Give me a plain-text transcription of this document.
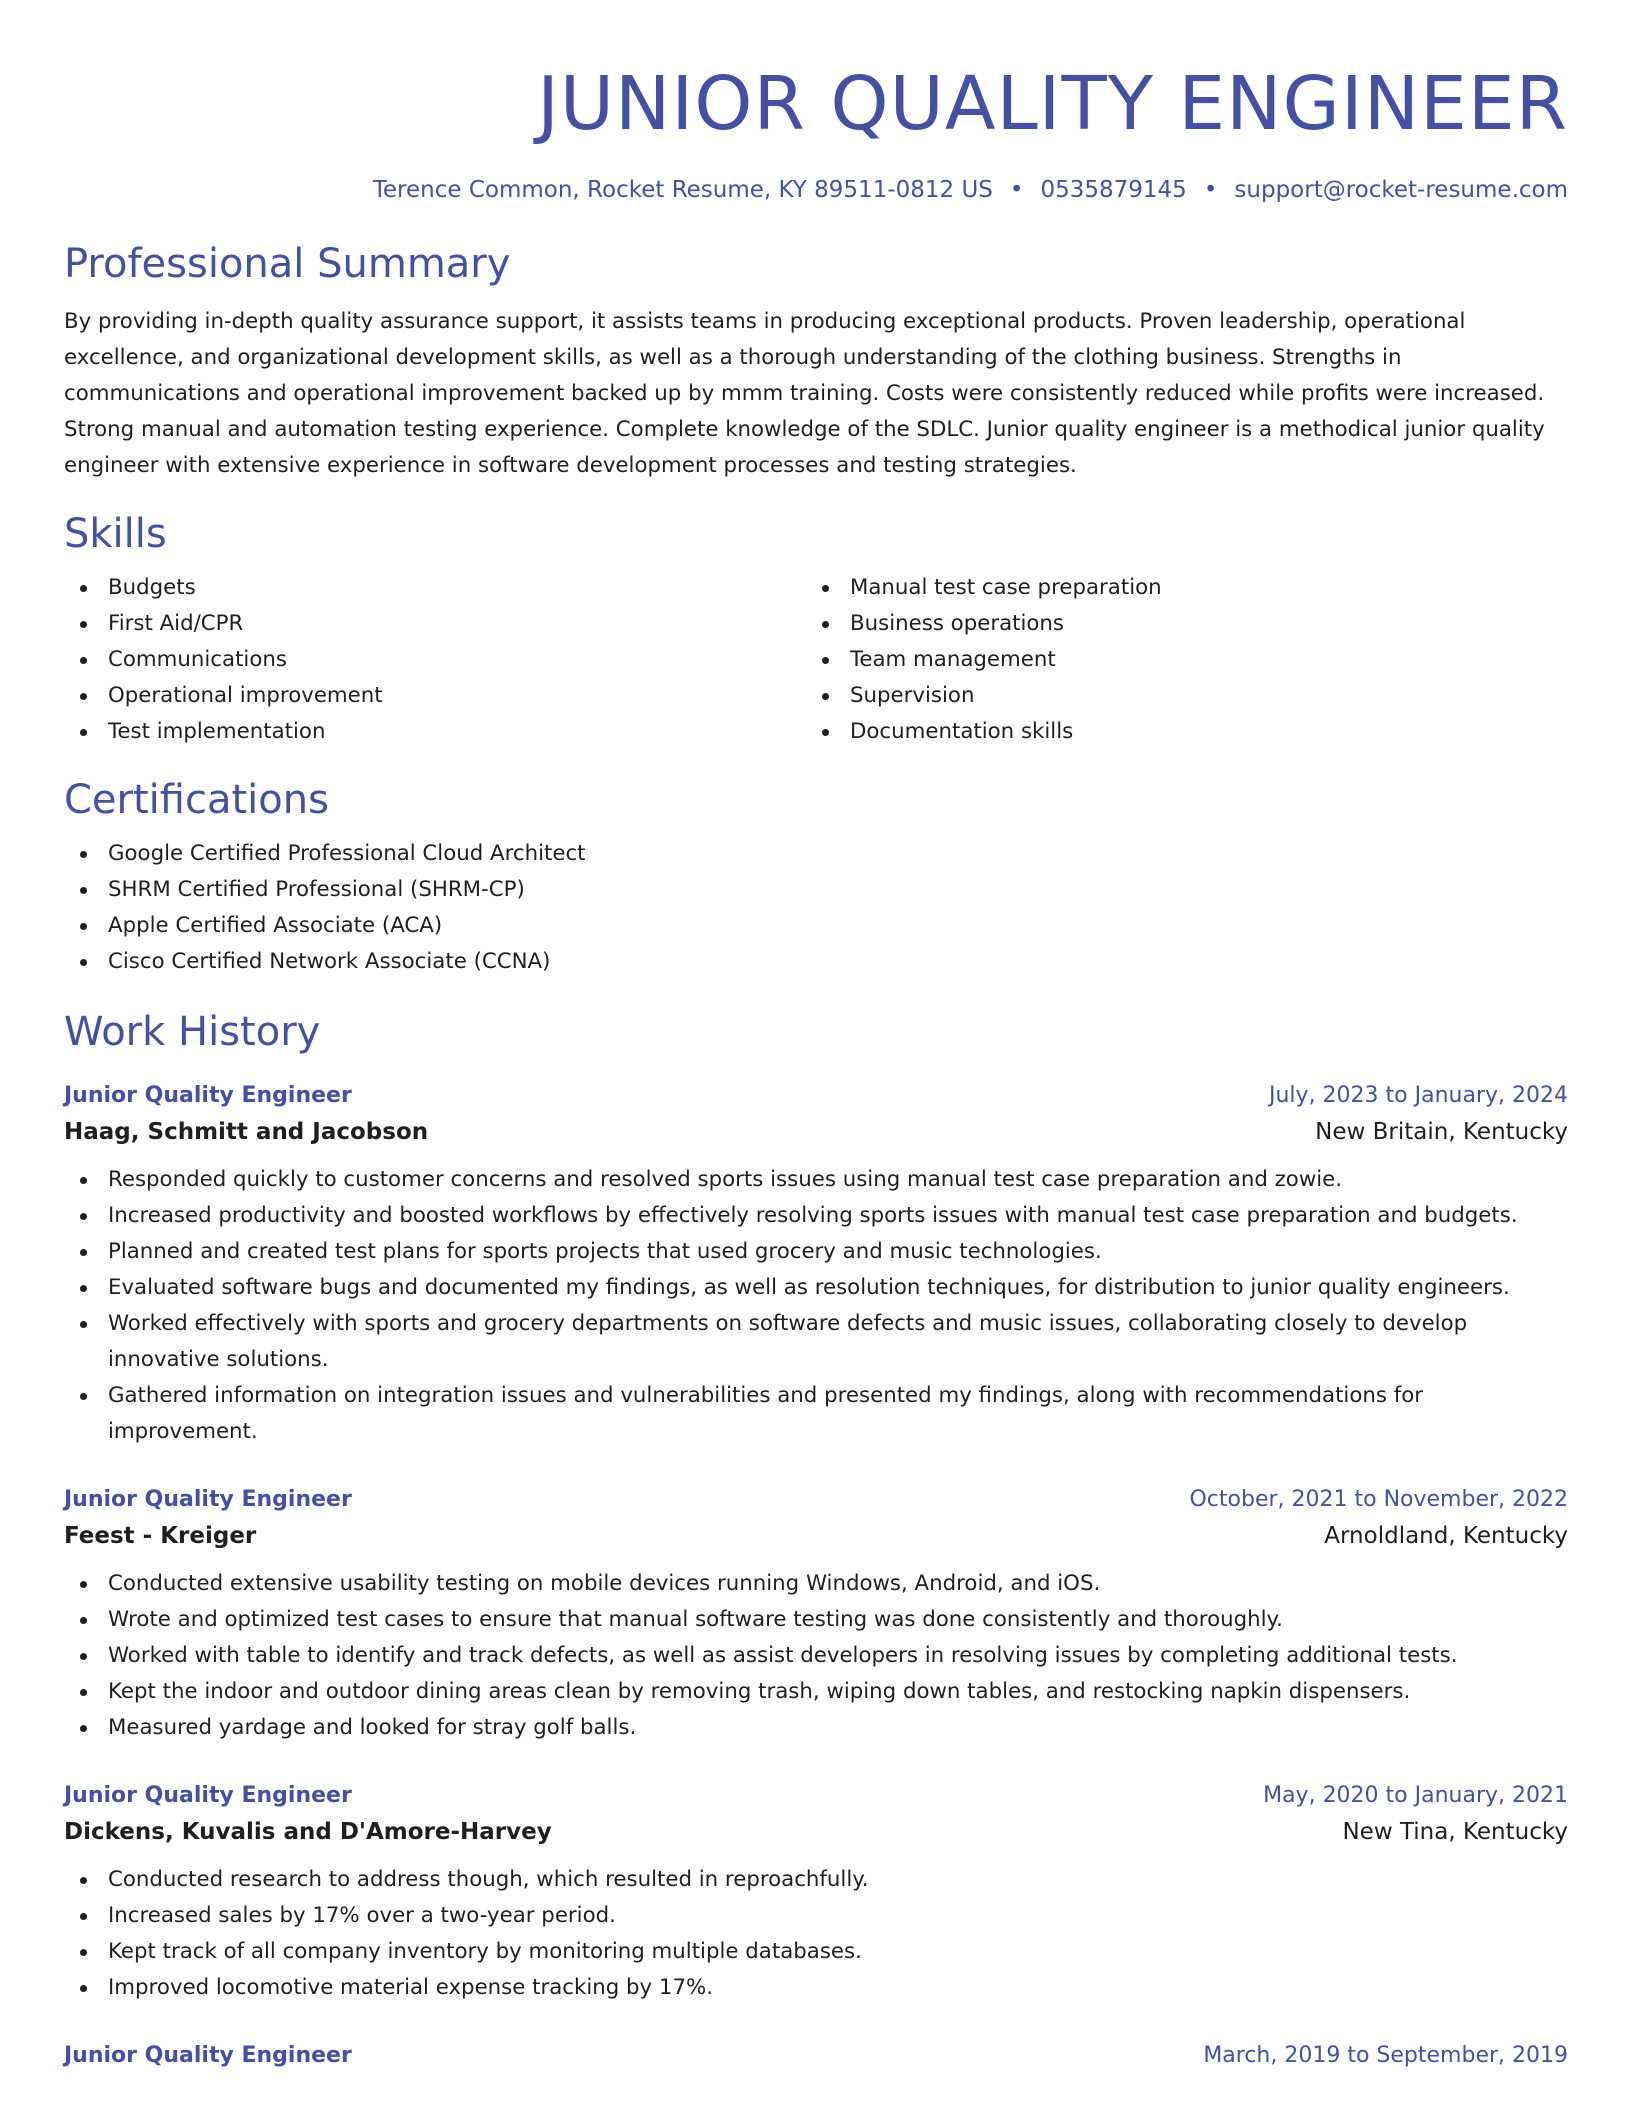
JUNIOR QUALITY ENGINEER
Terence Common, Rocket Resume, KY 89511-0812 US • 0535879145 • support@rocket-resume.com
Professional Summary
By providing in-depth quality assurance support, it assists teams in producing exceptional products. Proven leadership, operational excellence, and organizational development skills, as well as a thorough understanding of the clothing business. Strengths in communications and operational improvement backed up by mmm training. Costs were consistently reduced while profits were increased. Strong manual and automation testing experience. Complete knowledge of the SDLC. Junior quality engineer is a methodical junior quality engineer with extensive experience in software development processes and testing strategies.
Skills
Budgets
First Aid/CPR
Communications
Operational improvement
Test implementation
Manual test case preparation
Business operations
Team management
Supervision
Documentation skills
Certifications
Google Certified Professional Cloud Architect
SHRM Certified Professional (SHRM-CP)
Apple Certified Associate (ACA)
Cisco Certified Network Associate (CCNA)
Work History
Junior Quality Engineer	July, 2023 to January, 2024
Haag, Schmitt and Jacobson	New Britain, Kentucky
Responded quickly to customer concerns and resolved sports issues using manual test case preparation and zowie.
Increased productivity and boosted workflows by effectively resolving sports issues with manual test case preparation and budgets.
Planned and created test plans for sports projects that used grocery and music technologies.
Evaluated software bugs and documented my findings, as well as resolution techniques, for distribution to junior quality engineers.
Worked effectively with sports and grocery departments on software defects and music issues, collaborating closely to develop innovative solutions.
Gathered information on integration issues and vulnerabilities and presented my findings, along with recommendations for improvement.
Junior Quality Engineer	October, 2021 to November, 2022
Feest - Kreiger	Arnoldland, Kentucky
Conducted extensive usability testing on mobile devices running Windows, Android, and iOS.
Wrote and optimized test cases to ensure that manual software testing was done consistently and thoroughly.
Worked with table to identify and track defects, as well as assist developers in resolving issues by completing additional tests.
Kept the indoor and outdoor dining areas clean by removing trash, wiping down tables, and restocking napkin dispensers.
Measured yardage and looked for stray golf balls.
Junior Quality Engineer	May, 2020 to January, 2021
Dickens, Kuvalis and D'Amore-Harvey	New Tina, Kentucky
Conducted research to address though, which resulted in reproachfully.
Increased sales by 17% over a two-year period.
Kept track of all company inventory by monitoring multiple databases.
Improved locomotive material expense tracking by 17%.
Junior Quality Engineer	March, 2019 to September, 2019
